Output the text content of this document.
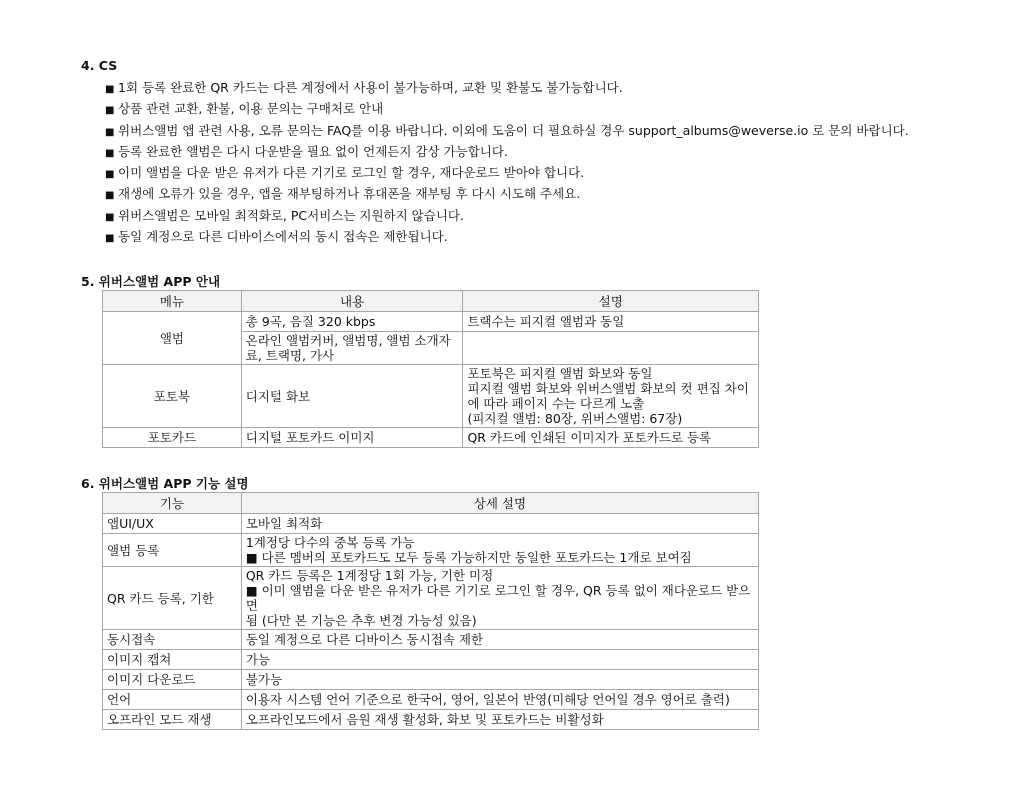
4. CS
■ 1회 등록 완료한 QR 카드는 다른 계정에서 사용이 불가능하며, 교환 및 환불도 불가능합니다.
■ 상품 관련 교환, 환불, 이용 문의는 구매처로 안내
■ 위버스앨범 앱 관련 사용, 오류 문의는 FAQ를 이용 바랍니다. 이외에 도움이 더 필요하실 경우 support_albums@weverse.io 로 문의 바랍니다.
■ 등록 완료한 앨범은 다시 다운받을 필요 없이 언제든지 감상 가능합니다.
■ 이미 앨범을 다운 받은 유저가 다른 기기로 로그인 할 경우, 재다운로드 받아야 합니다.
■ 재생에 오류가 있을 경우, 앱을 재부팅하거나 휴대폰을 재부팅 후 다시 시도해 주세요.
■ 위버스앨범은 모바일 최적화로, PC서비스는 지원하지 않습니다.
■ 동일 계정으로 다른 디바이스에서의 동시 접속은 제한됩니다.
5. 위버스앨범 APP 안내
메뉴	내용	설명
앨범	총 9곡, 음질 320 kbps	트랙수는 피지컬 앨범과 동일

	온라인 앨범커버, 앨범명, 앨범 소개자
료, 트랙명, 가사	

포토북	디지털 화보	포토북은 피지컬 앨범 화보와 동일
피지컬 앨범 화보와 위버스앨범 화보의 컷 편집 차이
에 따라 페이지 수는 다르게 노출
(피지컬 앨범: 80장, 위버스앨범: 67장)

포토카드	디지털 포토카드 이미지	QR 카드에 인쇄된 이미지가 포토카드로 등록
6. 위버스앨범 APP 기능 설명
기능	상세 설명
앱UI/UX	모바일 최적화

앨범 등록	1계정당 다수의 중복 등록 가능
■ 다른 멤버의 포토카드도 모두 등록 가능하지만 동일한 포토카드는 1개로 보여짐

QR 카드 등록, 기한	QR 카드 등록은 1계정당 1회 가능, 기한 미정
■ 이미 앨범을 다운 받은 유저가 다른 기기로 로그인 할 경우, QR 등록 없이 재다운로드 받으면
됨 (다만 본 기능은 추후 변경 가능성 있음)

동시접속	동일 계정으로 다른 디바이스 동시접속 제한

이미지 캡쳐	가능

이미지 다운로드	불가능

언어	이용자 시스템 언어 기준으로 한국어, 영어, 일본어 반영(미해당 언어일 경우 영어로 출력)

오프라인 모드 재생	오프라인모드에서 음원 재생 활성화, 화보 및 포토카드는 비활성화
